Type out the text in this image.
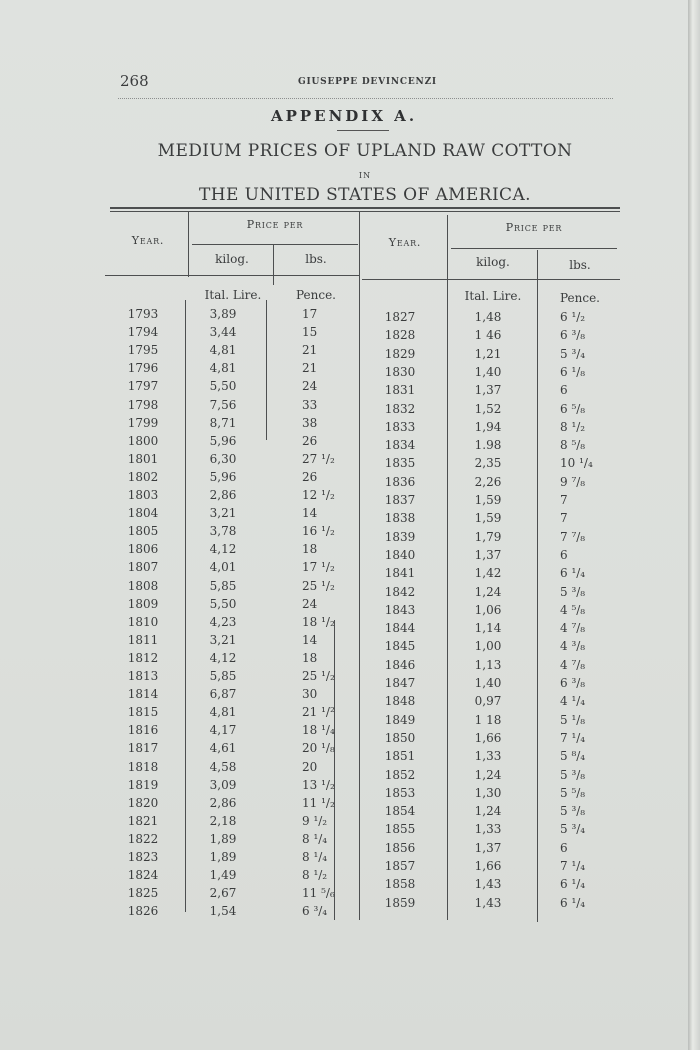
268	GIUSEPPE DEVINCENZI
APPENDIX A.
MEDIUM PRICES OF UPLAND RAW COTTON
IN
THE UNITED STATES OF AMERICA.
Year.
Price per
Year.
Price per
kilog.	lbs.	kilog.	lbs.
Ital. Lire.	Pence.	Ital. Lire.	Pence.
1793	3,89	17
1794	3,44	15
1795	4,81	21
1796	4,81	21
1797	5,50	24
1798	7,56	33
1799	8,71	38
1800	5,96	26
1801	6,30	27 ¹/₂
1802	5,96	26
1803	2,86	12 ¹/₂
1804	3,21	14
1805	3,78	16 ¹/₂
1806	4,12	18
1807	4,01	17 ¹/₂
1808	5,85	25 ¹/₂
1809	5,50	24
1810	4,23	18 ¹/₂
1811	3,21	14
1812	4,12	18
1813	5,85	25 ¹/₂
1814	6,87	30
1815	4,81	21 ¹/²
1816	4,17	18 ¹/₄
1817	4,61	20 ¹/₈
1818	4,58	20
1819	3,09	13 ¹/₂
1820	2,86	11 ¹/₂
1821	2,18	9 ¹/₂
1822	1,89	8 ¹/₄
1823	1,89	8 ¹/₄
1824	1,49	8 ¹/₂
1825	2,67	11 ⁵/₆
1826	1,54	6 ³/₄
1827	1,48	6 ¹/₂
1828	1 46	6 ³/₈
1829	1,21	5 ³/₄
1830	1,40	6 ¹/₈
1831	1,37	6
1832	1,52	6 ⁵/₈
1833	1,94	8 ¹/₂
1834	1.98	8 ⁵/₈
1835	2,35	10 ¹/₄
1836	2,26	9 ⁷/₈
1837	1,59	7
1838	1,59	7
1839	1,79	7 ⁷/₈
1840	1,37	6
1841	1,42	6 ¹/₄
1842	1,24	5 ³/₈
1843	1,06	4 ⁵/₈
1844	1,14	4 ⁷/₈
1845	1,00	4 ³/₈
1846	1,13	4 ⁷/₈
1847	1,40	6 ³/₈
1848	0,97	4 ¹/₄
1849	1 18	5 ¹/₈
1850	1,66	7 ¹/₄
1851	1,33	5 ⁸/₄
1852	1,24	5 ³/₈
1853	1,30	5 ⁵/₈
1854	1,24	5 ³/₈
1855	1,33	5 ³/₄
1856	1,37	6
1857	1,66	7 ¹/₄
1858	1,43	6 ¹/₄
1859	1,43	6 ¹/₄
